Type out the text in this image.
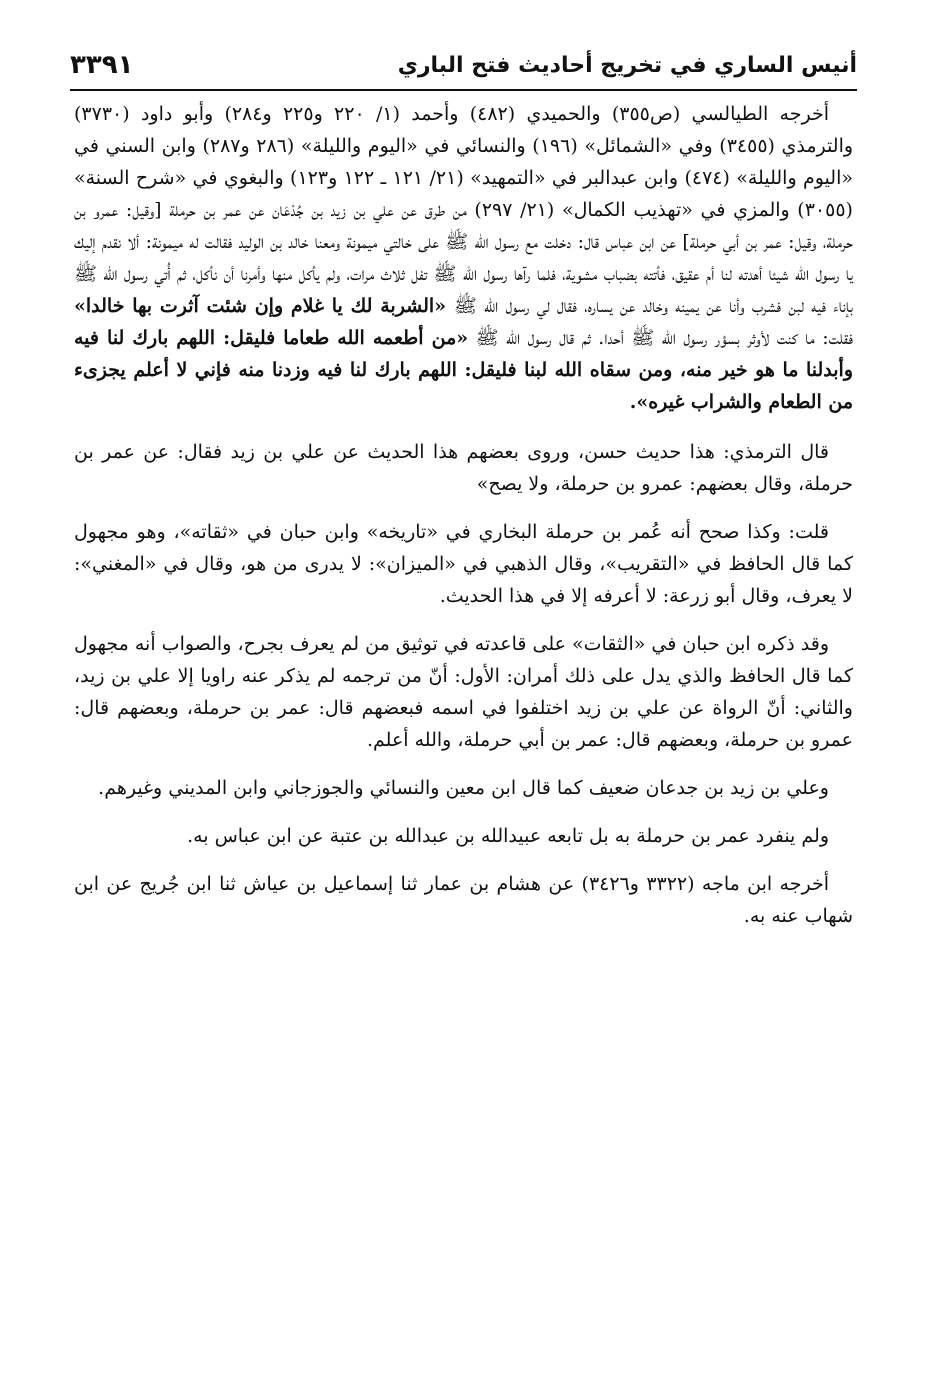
أنيس الساري في تخريج أحاديث فتح الباري
٣٣٩١

أخرجه الطيالسي (ص٣٥٥) والحميدي (٤٨٢) وأحمد (١/ ٢٢٠ و٢٢٥ و٢٨٤) وأبو داود (٣٧٣٠) والترمذي (٣٤٥٥) وفي «الشمائل» (١٩٦) والنسائي في «اليوم والليلة» (٢٨٦ و٢٨٧) وابن السني في «اليوم والليلة» (٤٧٤) وابن عبدالبر في «التمهيد» (٢١/ ١٢١ ـ ١٢٢ و١٢٣) والبغوي في «شرح السنة» (٣٠٥٥) والمزي في «تهذيب الكمال» (٢١/ ٢٩٧) من طرق عن علي بن زيد بن جُدْعَان عن عمر بن حرملة [وقيل: عمرو بن حرملة، وقيل: عمر بن أبي حرملة] عن ابن عباس قال: دخلت مع رسول الله ﷺ على خالتي ميمونة ومعنا خالد بن الوليد فقالت له ميمونة: ألا نقدم إليك يا رسول الله شيئا أهدته لنا أم عقيق، فأتته بضباب مشوية، فلما رآها رسول الله ﷺ تفل ثلاث مرات، ولم يأكل منها وأمرنا أن نأكل، ثم أُتي رسول الله ﷺ بإناء فيه لبن فشرب وأنا عن يمينه وخالد عن يساره، فقال لي رسول الله ﷺ «الشربة لك يا غلام وإن شئت آثرت بها خالدا» فقلت: ما كنت لأوثر بسؤر رسول الله ﷺ أحدا. ثم قال رسول الله ﷺ «من أطعمه الله طعاما فليقل: اللهم بارك لنا فيه وأبدلنا ما هو خير منه، ومن سقاه الله لبنا فليقل: اللهم بارك لنا فيه وزدنا منه فإني لا أعلم يجزىء من الطعام والشراب غيره».

قال الترمذي: هذا حديث حسن، وروى بعضهم هذا الحديث عن علي بن زيد فقال: عن عمر بن حرملة، وقال بعضهم: عمرو بن حرملة، ولا يصح»

قلت: وكذا صحح أنه عُمر بن حرملة البخاري في «تاريخه» وابن حبان في «ثقاته»، وهو مجهول كما قال الحافظ في «التقريب»، وقال الذهبي في «الميزان»: لا يدرى من هو، وقال في «المغني»: لا يعرف، وقال أبو زرعة: لا أعرفه إلا في هذا الحديث.

وقد ذكره ابن حبان في «الثقات» على قاعدته في توثيق من لم يعرف بجرح، والصواب أنه مجهول كما قال الحافظ والذي يدل على ذلك أمران: الأول: أنّ من ترجمه لم يذكر عنه راويا إلا علي بن زيد، والثاني: أنّ الرواة عن علي بن زيد اختلفوا في اسمه فبعضهم قال: عمر بن حرملة، وبعضهم قال: عمرو بن حرملة، وبعضهم قال: عمر بن أبي حرملة، والله أعلم.

وعلي بن زيد بن جدعان ضعيف كما قال ابن معين والنسائي والجوزجاني وابن المديني وغيرهم.

ولم ينفرد عمر بن حرملة به بل تابعه عبيدالله بن عبدالله بن عتبة عن ابن عباس به.

أخرجه ابن ماجه (٣٣٢٢ و٣٤٢٦) عن هشام بن عمار ثنا إسماعيل بن عياش ثنا ابن جُريج عن ابن شهاب عنه به.
